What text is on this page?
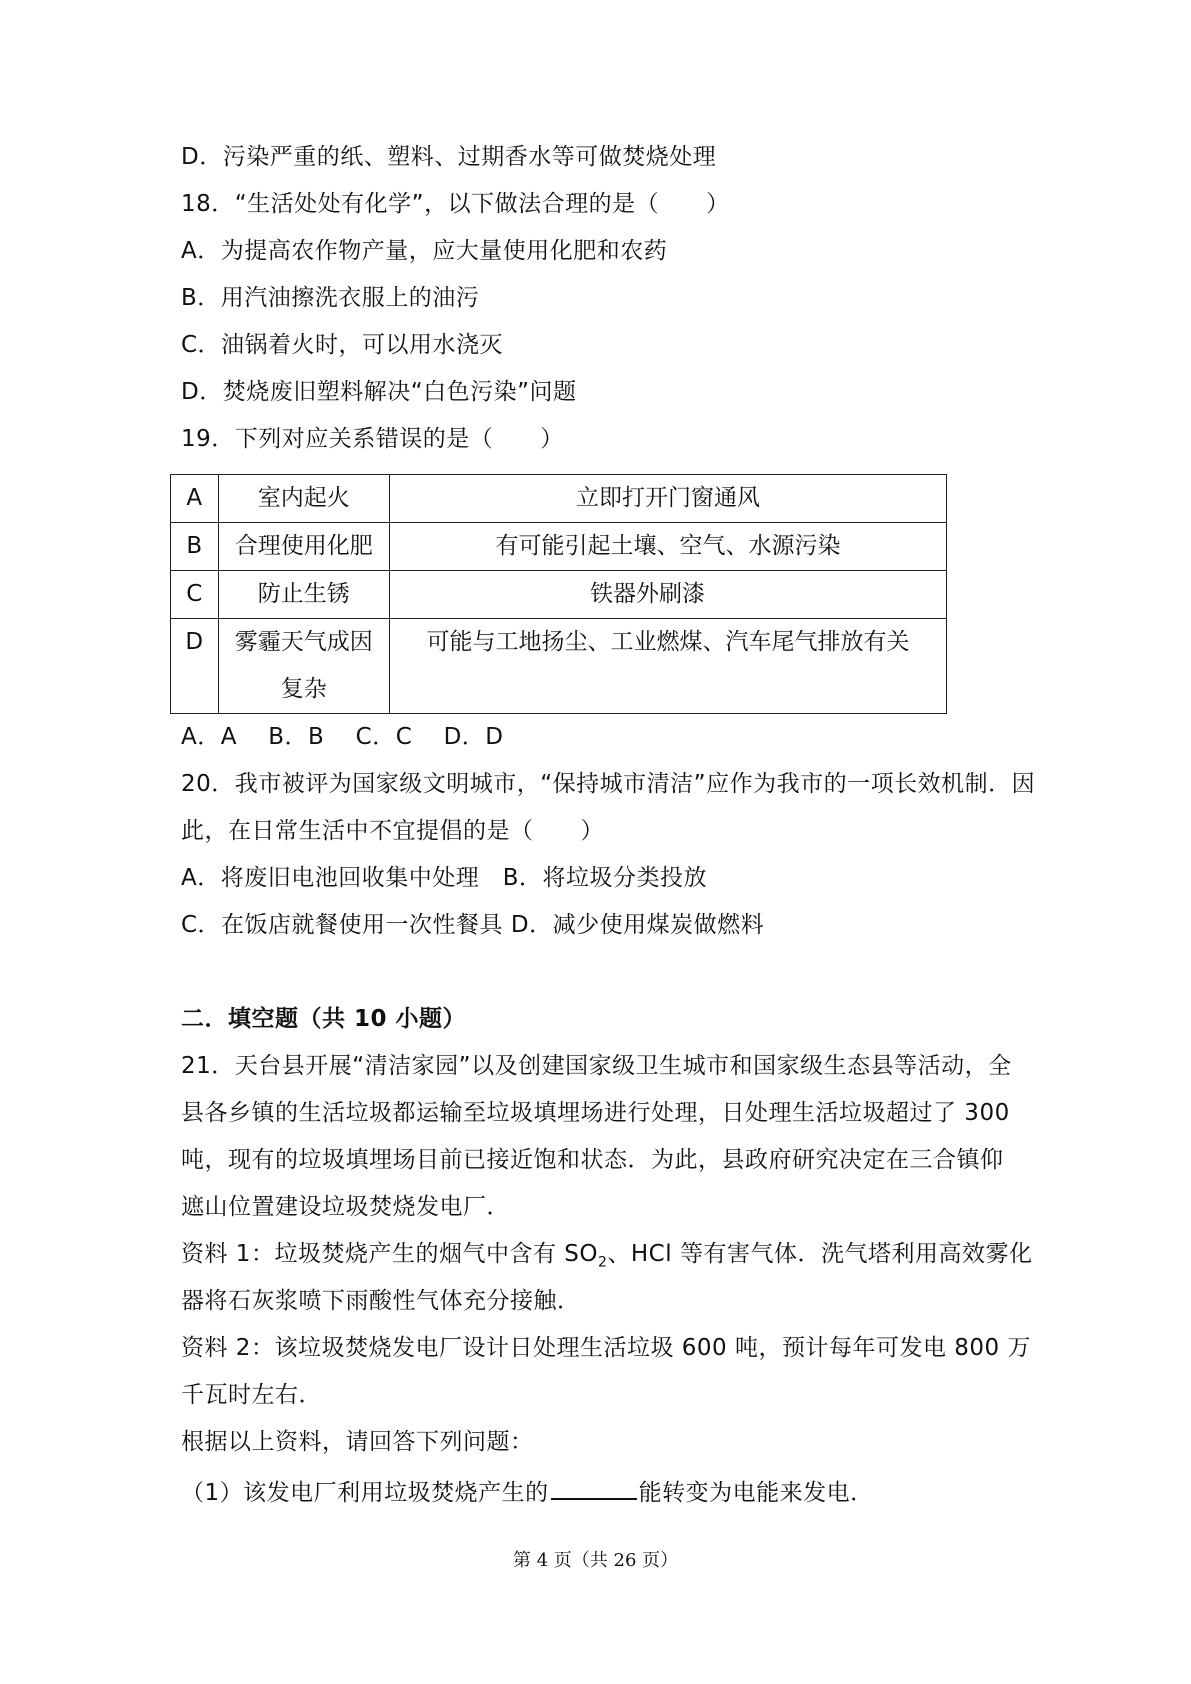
D．污染严重的纸、塑料、过期香水等可做焚烧处理
18．“生活处处有化学”，以下做法合理的是（　　）
A．为提高农作物产量，应大量使用化肥和农药
B．用汽油擦洗衣服上的油污
C．油锅着火时，可以用水浇灭
D．焚烧废旧塑料解决“白色污染”问题
19．下列对应关系错误的是（　　）
A	室内起火	立即打开门窗通风
B	合理使用化肥	有可能引起土壤、空气、水源污染
C	防止生锈	铁器外刷漆
D	雾霾天气成因复杂	可能与工地扬尘、工业燃煤、汽车尾气排放有关
A．A　 B．B　 C．C　 D．D
20．我市被评为国家级文明城市，“保持城市清洁”应作为我市的一项长效机制．因
此，在日常生活中不宜提倡的是（　　）
A．将废旧电池回收集中处理　B．将垃圾分类投放
C．在饭店就餐使用一次性餐具 D．减少使用煤炭做燃料
二．填空题（共 10 小题）
21．天台县开展“清洁家园”以及创建国家级卫生城市和国家级生态县等活动，全
县各乡镇的生活垃圾都运输至垃圾填埋场进行处理，日处理生活垃圾超过了 300
吨，现有的垃圾填埋场目前已接近饱和状态．为此，县政府研究决定在三合镇仰
遮山位置建设垃圾焚烧发电厂．
资料 1：垃圾焚烧产生的烟气中含有 $SO_2$、HCl 等有害气体．洗气塔利用高效雾化
器将石灰浆喷下雨酸性气体充分接触．
资料 2：该垃圾焚烧发电厂设计日处理生活垃圾 600 吨，预计每年可发电 800 万
千瓦时左右．
根据以上资料，请回答下列问题：
（1）该发电厂利用垃圾焚烧产生的	能转变为电能来发电．
第 4 页（共 26 页）
